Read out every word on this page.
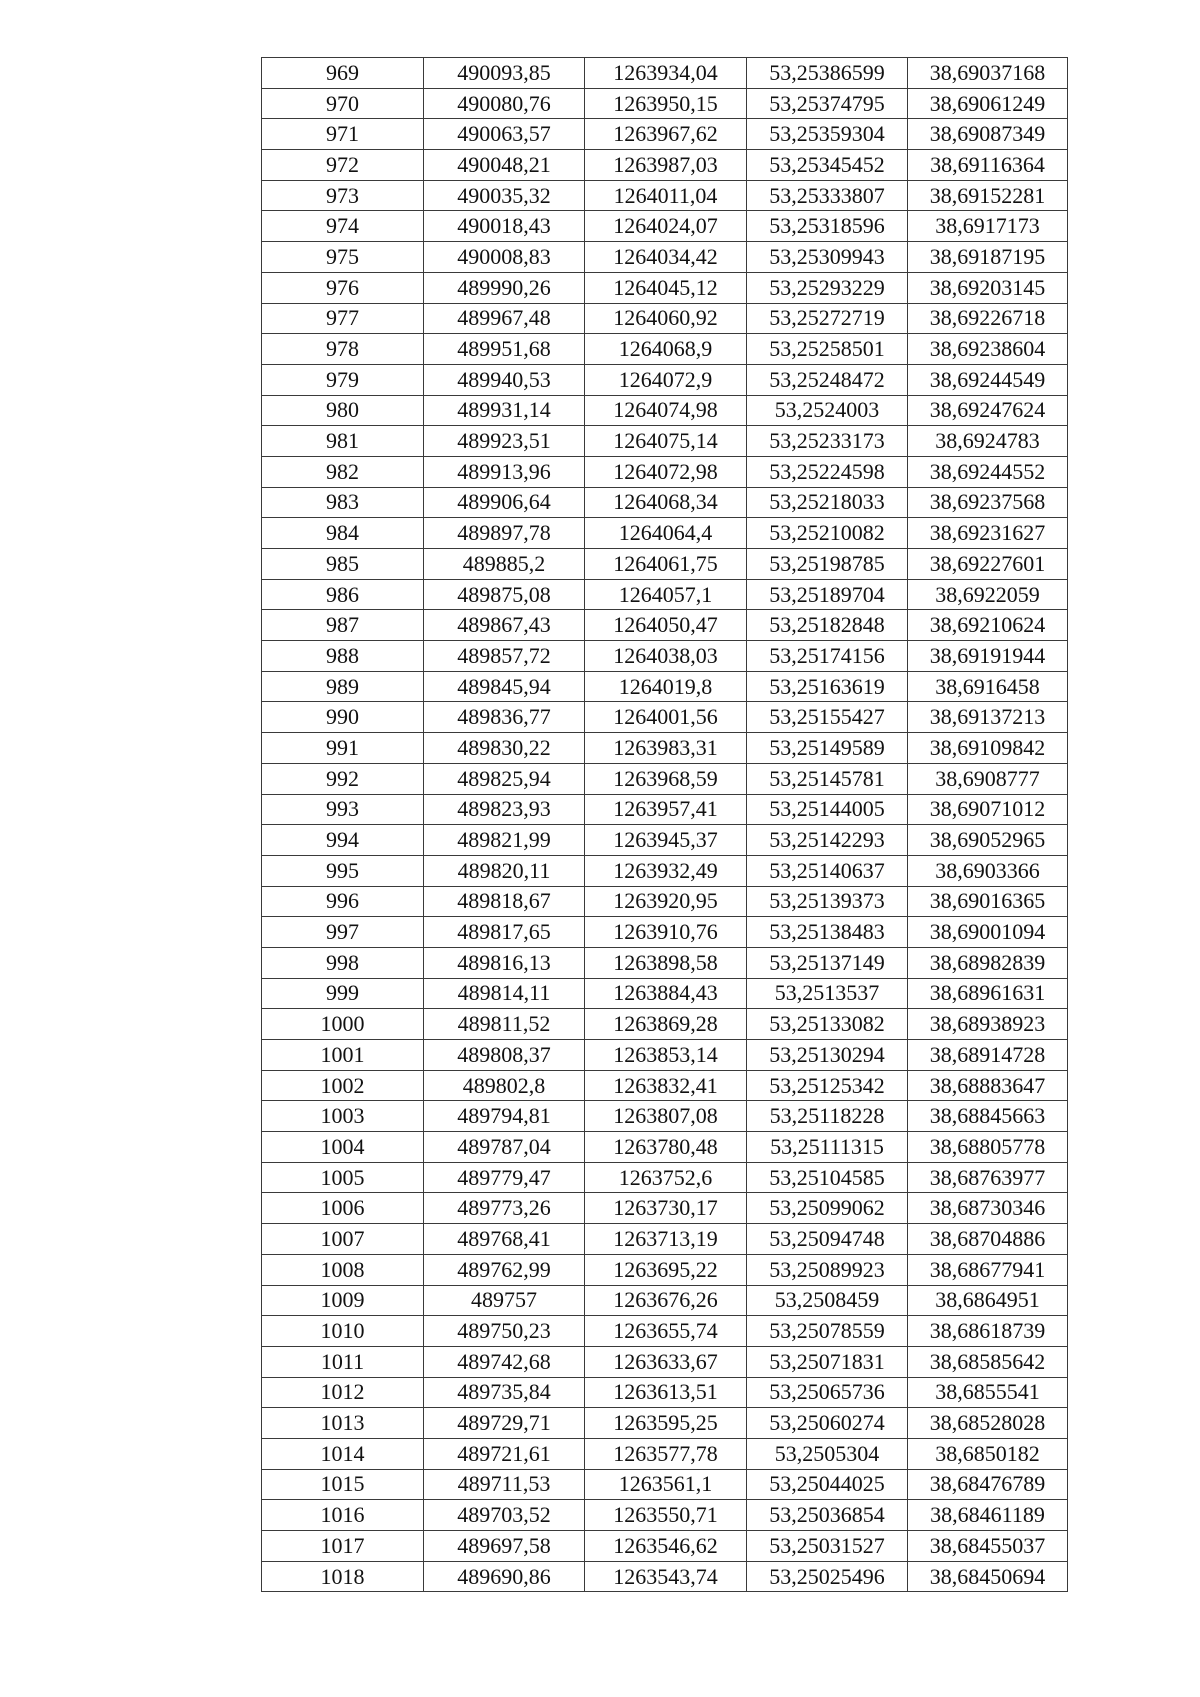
969	490093,85	1263934,04	53,25386599	38,69037168
970	490080,76	1263950,15	53,25374795	38,69061249
971	490063,57	1263967,62	53,25359304	38,69087349
972	490048,21	1263987,03	53,25345452	38,69116364
973	490035,32	1264011,04	53,25333807	38,69152281
974	490018,43	1264024,07	53,25318596	38,6917173
975	490008,83	1264034,42	53,25309943	38,69187195
976	489990,26	1264045,12	53,25293229	38,69203145
977	489967,48	1264060,92	53,25272719	38,69226718
978	489951,68	1264068,9	53,25258501	38,69238604
979	489940,53	1264072,9	53,25248472	38,69244549
980	489931,14	1264074,98	53,2524003	38,69247624
981	489923,51	1264075,14	53,25233173	38,6924783
982	489913,96	1264072,98	53,25224598	38,69244552
983	489906,64	1264068,34	53,25218033	38,69237568
984	489897,78	1264064,4	53,25210082	38,69231627
985	489885,2	1264061,75	53,25198785	38,69227601
986	489875,08	1264057,1	53,25189704	38,6922059
987	489867,43	1264050,47	53,25182848	38,69210624
988	489857,72	1264038,03	53,25174156	38,69191944
989	489845,94	1264019,8	53,25163619	38,6916458
990	489836,77	1264001,56	53,25155427	38,69137213
991	489830,22	1263983,31	53,25149589	38,69109842
992	489825,94	1263968,59	53,25145781	38,6908777
993	489823,93	1263957,41	53,25144005	38,69071012
994	489821,99	1263945,37	53,25142293	38,69052965
995	489820,11	1263932,49	53,25140637	38,6903366
996	489818,67	1263920,95	53,25139373	38,69016365
997	489817,65	1263910,76	53,25138483	38,69001094
998	489816,13	1263898,58	53,25137149	38,68982839
999	489814,11	1263884,43	53,2513537	38,68961631
1000	489811,52	1263869,28	53,25133082	38,68938923
1001	489808,37	1263853,14	53,25130294	38,68914728
1002	489802,8	1263832,41	53,25125342	38,68883647
1003	489794,81	1263807,08	53,25118228	38,68845663
1004	489787,04	1263780,48	53,25111315	38,68805778
1005	489779,47	1263752,6	53,25104585	38,68763977
1006	489773,26	1263730,17	53,25099062	38,68730346
1007	489768,41	1263713,19	53,25094748	38,68704886
1008	489762,99	1263695,22	53,25089923	38,68677941
1009	489757	1263676,26	53,2508459	38,6864951
1010	489750,23	1263655,74	53,25078559	38,68618739
1011	489742,68	1263633,67	53,25071831	38,68585642
1012	489735,84	1263613,51	53,25065736	38,6855541
1013	489729,71	1263595,25	53,25060274	38,68528028
1014	489721,61	1263577,78	53,2505304	38,6850182
1015	489711,53	1263561,1	53,25044025	38,68476789
1016	489703,52	1263550,71	53,25036854	38,68461189
1017	489697,58	1263546,62	53,25031527	38,68455037
1018	489690,86	1263543,74	53,25025496	38,68450694
